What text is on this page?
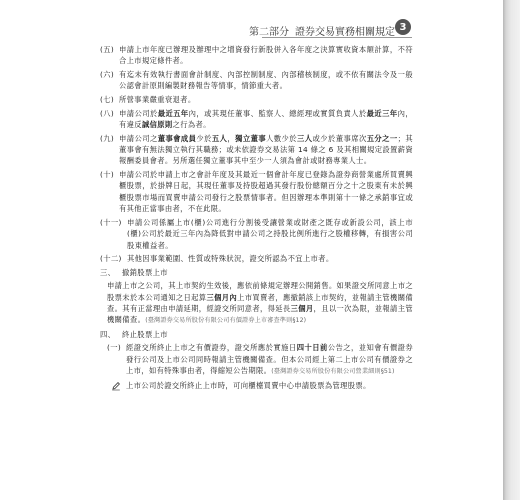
第二部分 證券交易實務相關規定 3
(五) 申請上市年度已辦理及辦理中之增資發行新股併入各年度之決算實收資本額計算，不符合上市規定條件者。
(六) 有迄未有效執行書面會計制度、內部控制制度、內部稽核制度，或不依有關法令及一般公認會計原則編製財務報告等情事，情節重大者。
(七) 所營事業嚴重衰退者。
(八) 申請公司於最近五年內，或其現任董事、監察人、總經理或實質負責人於最近三年內，有違反誠信原則之行為者。
(九) 申請公司之董事會成員少於五人，獨立董事人數少於三人或少於董事席次五分之一；其董事會有無法獨立執行其職務；或未依證券交易法第 14 條之 6 及其相關規定設置薪資報酬委員會者。另所選任獨立董事其中至少一人須為會計或財務專業人士。
(十) 申請公司於申請上市之會計年度及其最近一個會計年度已登錄為證券商營業處所買賣興櫃股票，於掛牌日起，其現任董事及持股超過其發行股份總額百分之十之股東有未於興櫃股票市場而買賣申請公司發行之股票情事者。但因辦理本準則第十一條之承銷事宜或有其他正當事由者，不在此限。
(十一) 申請公司係屬上市(櫃)公司進行分割後受讓營業或財產之既存或新設公司，該上市(櫃)公司於最近三年內為降低對申請公司之持股比例所進行之股權移轉，有損害公司股東權益者。
(十二) 其他因事業範圍、性質或特殊狀況，證交所認為不宜上市者。
三、 撤銷股票上市
申請上市之公司，其上市契約生效後，應依前條規定辦理公開銷售。如果證交所同意上市之股票未於本公司通知之日起算三個月內上市買賣者，應撤銷該上市契約，並報請主管機關備查。其有正當理由申請延期，經證交所同意者，得延長三個月，且以一次為限，並報請主管機關備查。(臺灣證券交易所股份有限公司有價證券上市審查準則§12)
四、 終止股票上市
(一) 經證交所終止上市之有價證券，證交所應於實施日四十日前公告之，並知會有價證券發行公司及上市公司同時報請主管機關備查。但本公司經上第二上市公司有價證券之上市，如有特殊事由者，得縮短公告期限。(臺灣證券交易所股份有限公司營業細則§51)
上市公司於證交所終止上市時，可向櫃檯買賣中心申請股票為管理股票。
